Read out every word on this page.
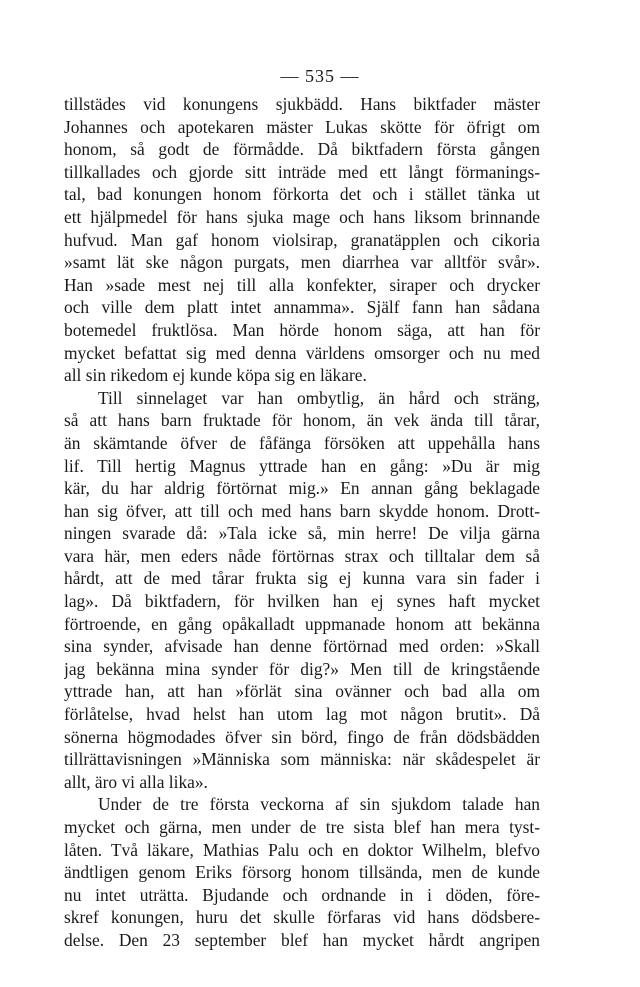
— 535 —
tillstädes vid konungens sjukbädd. Hans biktfader mäster
Johannes och apotekaren mäster Lukas skötte för öfrigt om
honom, så godt de förmådde. Då biktfadern första gången
tillkallades och gjorde sitt inträde med ett långt förmanings-
tal, bad konungen honom förkorta det och i stället tänka ut
ett hjälpmedel för hans sjuka mage och hans liksom brinnande
hufvud. Man gaf honom violsirap, granatäpplen och cikoria
»samt lät ske någon purgats, men diarrhea var alltför svår».
Han »sade mest nej till alla konfekter, siraper och drycker
och ville dem platt intet annamma». Själf fann han sådana
botemedel fruktlösa. Man hörde honom säga, att han för
mycket befattat sig med denna världens omsorger och nu med
all sin rikedom ej kunde köpa sig en läkare.
Till sinnelaget var han ombytlig, än hård och sträng,
så att hans barn fruktade för honom, än vek ända till tårar,
än skämtande öfver de fåfänga försöken att uppehålla hans
lif. Till hertig Magnus yttrade han en gång: »Du är mig
kär, du har aldrig förtörnat mig.» En annan gång beklagade
han sig öfver, att till och med hans barn skydde honom. Drott-
ningen svarade då: »Tala icke så, min herre! De vilja gärna
vara här, men eders nåde förtörnas strax och tilltalar dem så
hårdt, att de med tårar frukta sig ej kunna vara sin fader i
lag». Då biktfadern, för hvilken han ej synes haft mycket
förtroende, en gång opåkalladt uppmanade honom att bekänna
sina synder, afvisade han denne förtörnad med orden: »Skall
jag bekänna mina synder för dig?» Men till de kringstående
yttrade han, att han »förlät sina ovänner och bad alla om
förlåtelse, hvad helst han utom lag mot någon brutit». Då
sönerna högmodades öfver sin börd, fingo de från dödsbädden
tillrättavisningen »Människa som människa: när skådespelet är
allt, äro vi alla lika».
Under de tre första veckorna af sin sjukdom talade han
mycket och gärna, men under de tre sista blef han mera tyst-
låten. Två läkare, Mathias Palu och en doktor Wilhelm, blefvo
ändtligen genom Eriks försorg honom tillsända, men de kunde
nu intet uträtta. Bjudande och ordnande in i döden, före-
skref konungen, huru det skulle förfaras vid hans dödsbere-
delse. Den 23 september blef han mycket hårdt angripen
